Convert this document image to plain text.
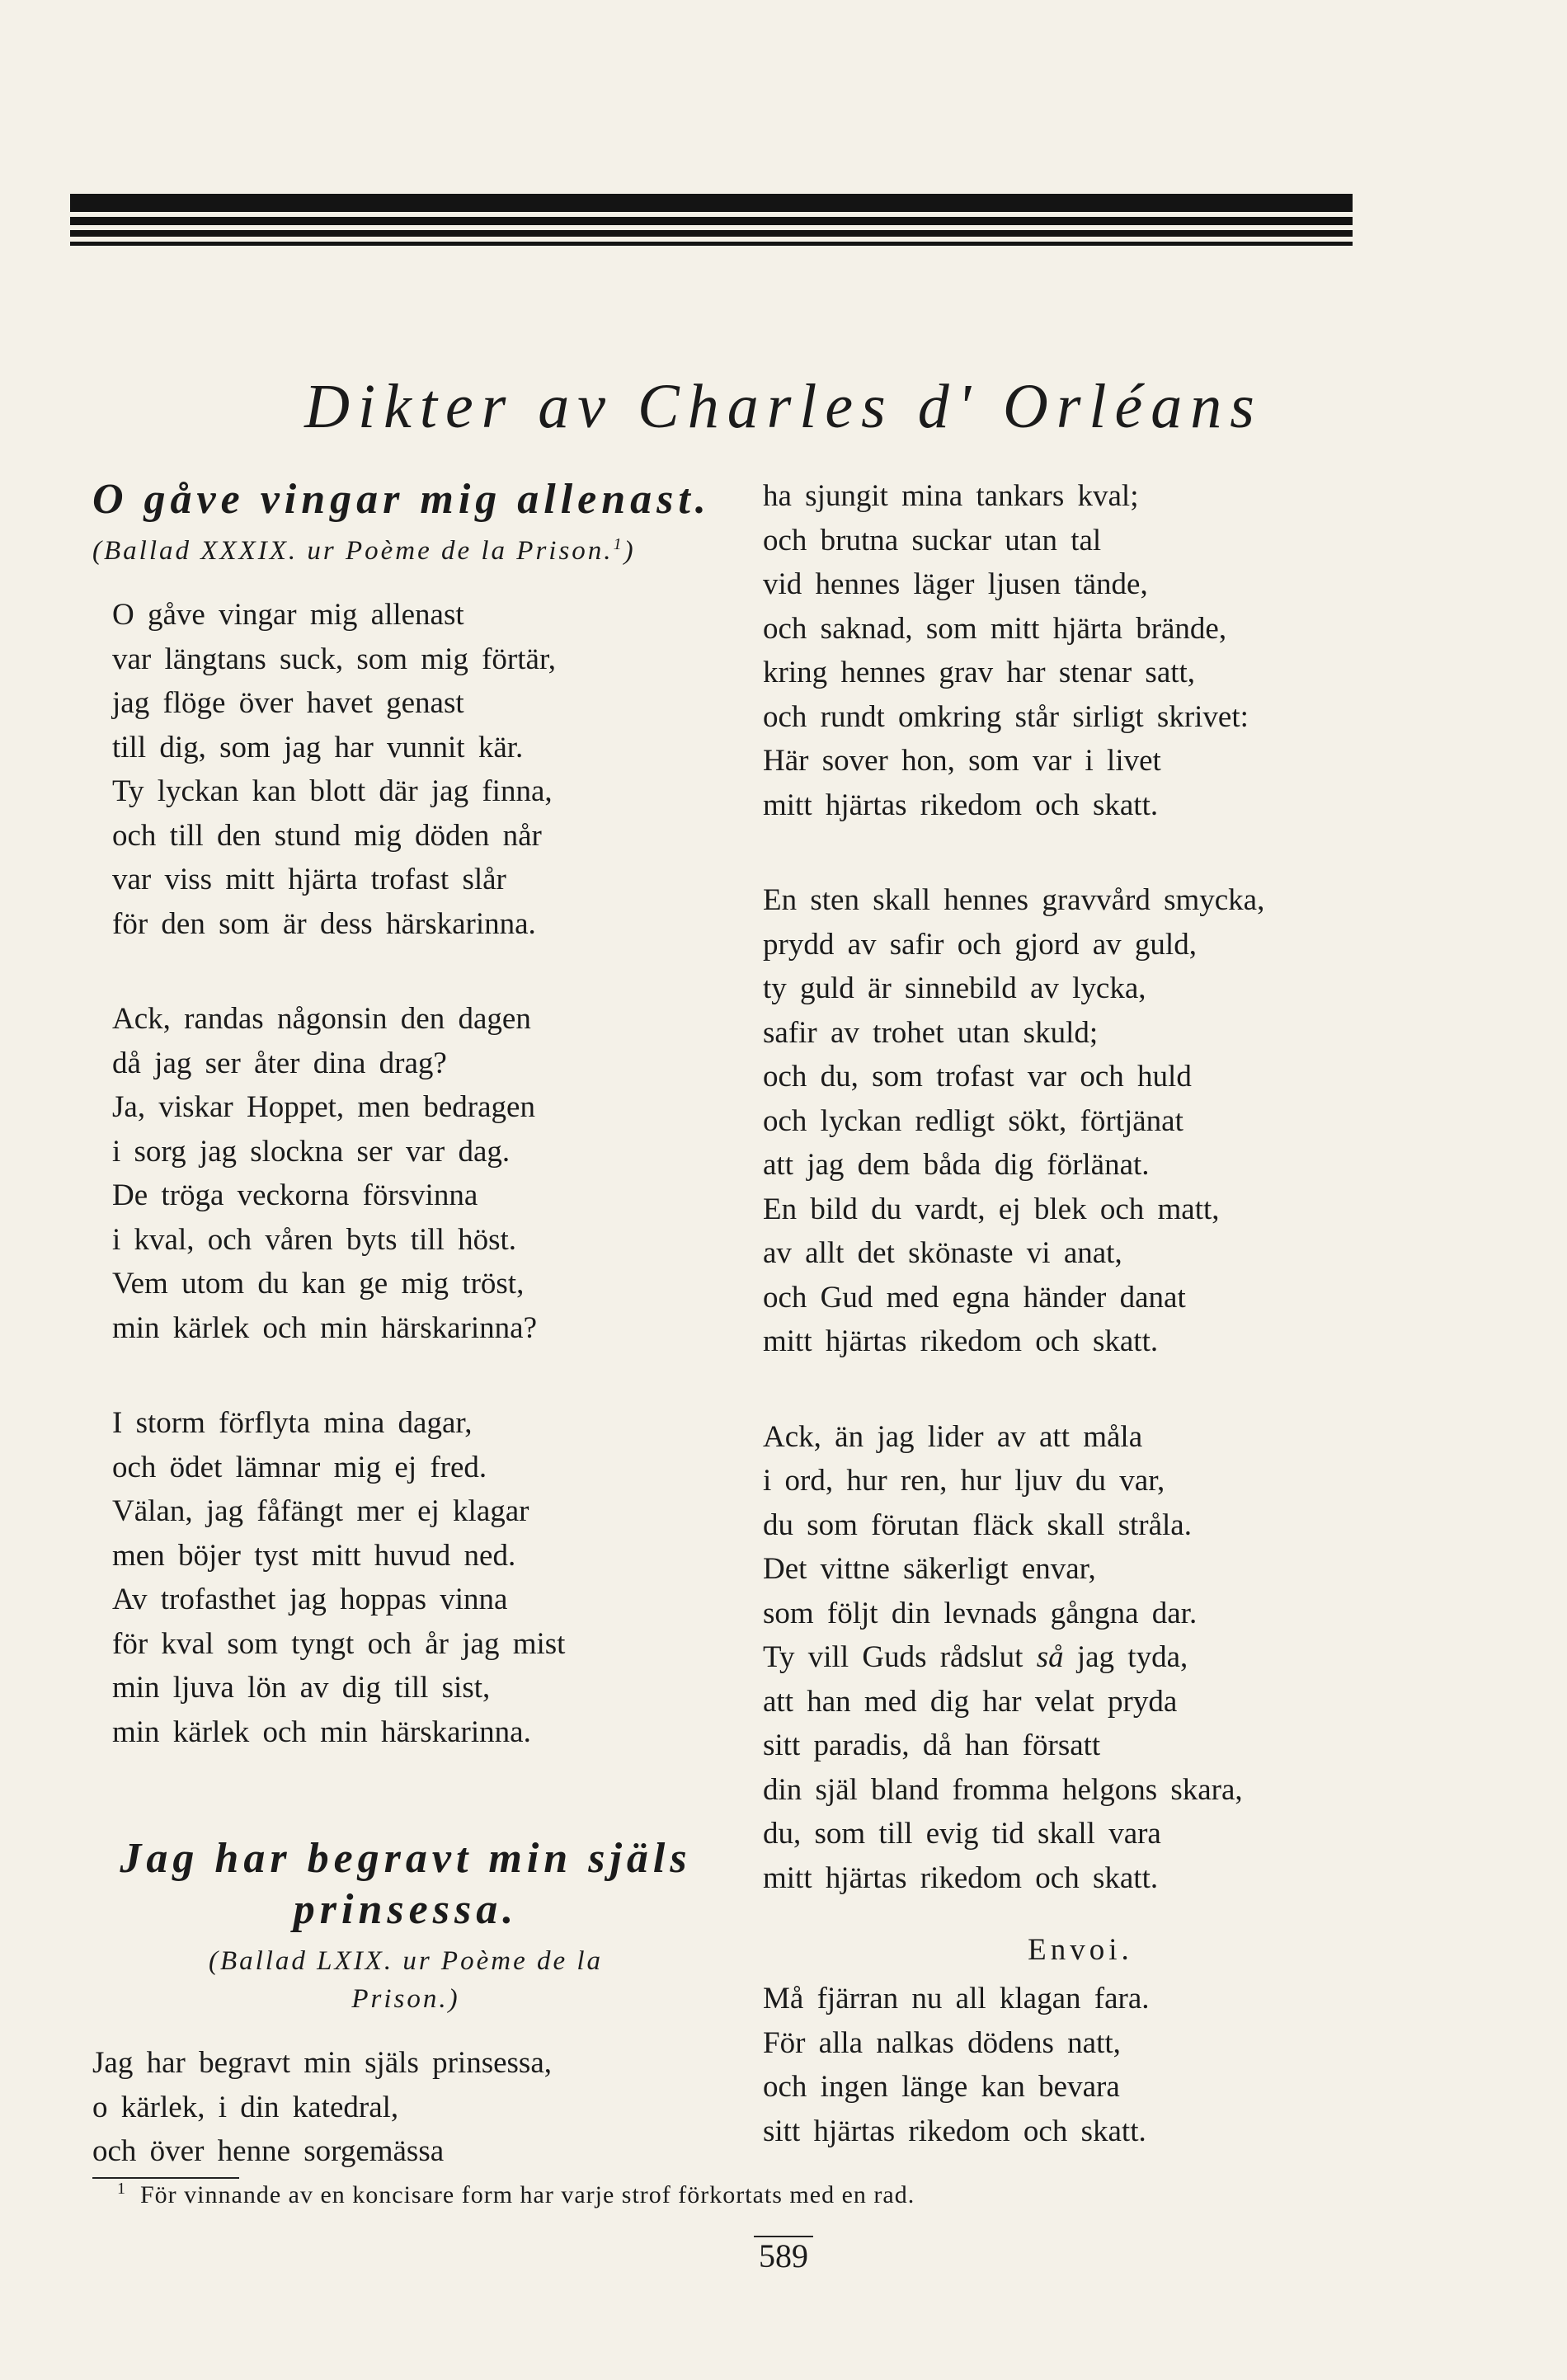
Dikter av Charles d' Orléans
O gåve vingar mig allenast.
(Ballad XXXIX. ur Poème de la Prison.$^1$)
O gåve vingar mig allenast
var längtans suck, som mig förtär,
jag flöge över havet genast
till dig, som jag har vunnit kär.
Ty lyckan kan blott där jag finna,
och till den stund mig döden når
var viss mitt hjärta trofast slår
för den som är dess härskarinna.
Ack, randas någonsin den dagen
då jag ser åter dina drag?
Ja, viskar Hoppet, men bedragen
i sorg jag slockna ser var dag.
De tröga veckorna försvinna
i kval, och våren byts till höst.
Vem utom du kan ge mig tröst,
min kärlek och min härskarinna?
I storm förflyta mina dagar,
och ödet lämnar mig ej fred.
Välan, jag fåfängt mer ej klagar
men böjer tyst mitt huvud ned.
Av trofasthet jag hoppas vinna
för kval som tyngt och år jag mist
min ljuva lön av dig till sist,
min kärlek och min härskarinna.
Jag har begravt min själs
prinsessa.
(Ballad LXIX. ur Poème de la
Prison.)
Jag har begravt min själs prinsessa,
o kärlek, i din katedral,
och över henne sorgemässa
ha sjungit mina tankars kval;
och brutna suckar utan tal
vid hennes läger ljusen tände,
och saknad, som mitt hjärta brände,
kring hennes grav har stenar satt,
och rundt omkring står sirligt skrivet:
Här sover hon, som var i livet
mitt hjärtas rikedom och skatt.
En sten skall hennes gravvård smycka,
prydd av safir och gjord av guld,
ty guld är sinnebild av lycka,
safir av trohet utan skuld;
och du, som trofast var och huld
och lyckan redligt sökt, förtjänat
att jag dem båda dig förlänat.
En bild du vardt, ej blek och matt,
av allt det skönaste vi anat,
och Gud med egna händer danat
mitt hjärtas rikedom och skatt.
Ack, än jag lider av att måla
i ord, hur ren, hur ljuv du var,
du som förutan fläck skall stråla.
Det vittne säkerligt envar,
som följt din levnads gångna dar.
Ty vill Guds rådslut så jag tyda,
att han med dig har velat pryda
sitt paradis, då han försatt
din själ bland fromma helgons skara,
du, som till evig tid skall vara
mitt hjärtas rikedom och skatt.
Envoi.
Må fjärran nu all klagan fara.
För alla nalkas dödens natt,
och ingen länge kan bevara
sitt hjärtas rikedom och skatt.
$^1$ För vinnande av en koncisare form har varje strof förkortats med en rad.
589
